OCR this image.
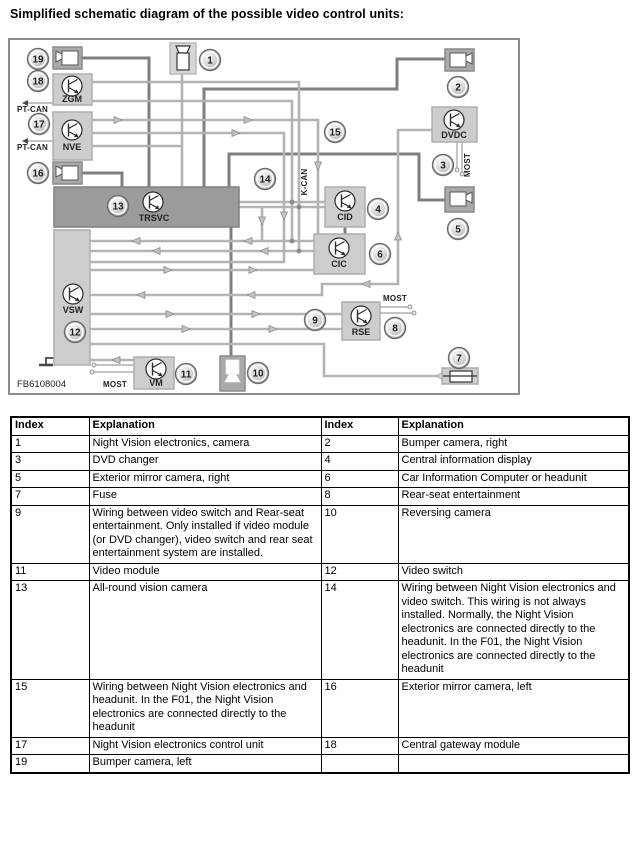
Simplified schematic diagram of the possible video control units:
ZGM
NVE
TRSVC
VSW
VM
CID
CIC
DVDC
RSE
PT-CAN
PT-CAN
K-CAN
MOST
MOST
MOST
FB6108004
1
2
3
4
5
6
7
8
9
10
11
12
13
14
15
16
17
18
19
Index	Explanation	Index	Explanation
1	Night Vision electronics, camera	2	Bumper camera, right
3	DVD changer	4	Central information display
5	Exterior mirror camera, right	6	Car Information Computer or headunit
7	Fuse	8	Rear-seat entertainment
9	Wiring between video switch and Rear-seat entertainment. Only installed if video module (or DVD changer), video switch and rear seat entertainment system are installed.	10	Reversing camera
11	Video module	12	Video switch
13	All-round vision camera	14	Wiring between Night Vision electronics and video switch. This wiring is not always installed. Normally, the Night Vision electronics are connected directly to the headunit. In the F01, the Night Vision electronics are connected directly to the headunit
15	Wiring between Night Vision electronics and headunit. In the F01, the Night Vision electronics are connected directly to the headunit	16	Exterior mirror camera, left
17	Night Vision electronics control unit	18	Central gateway module
19	Bumper camera, left		
